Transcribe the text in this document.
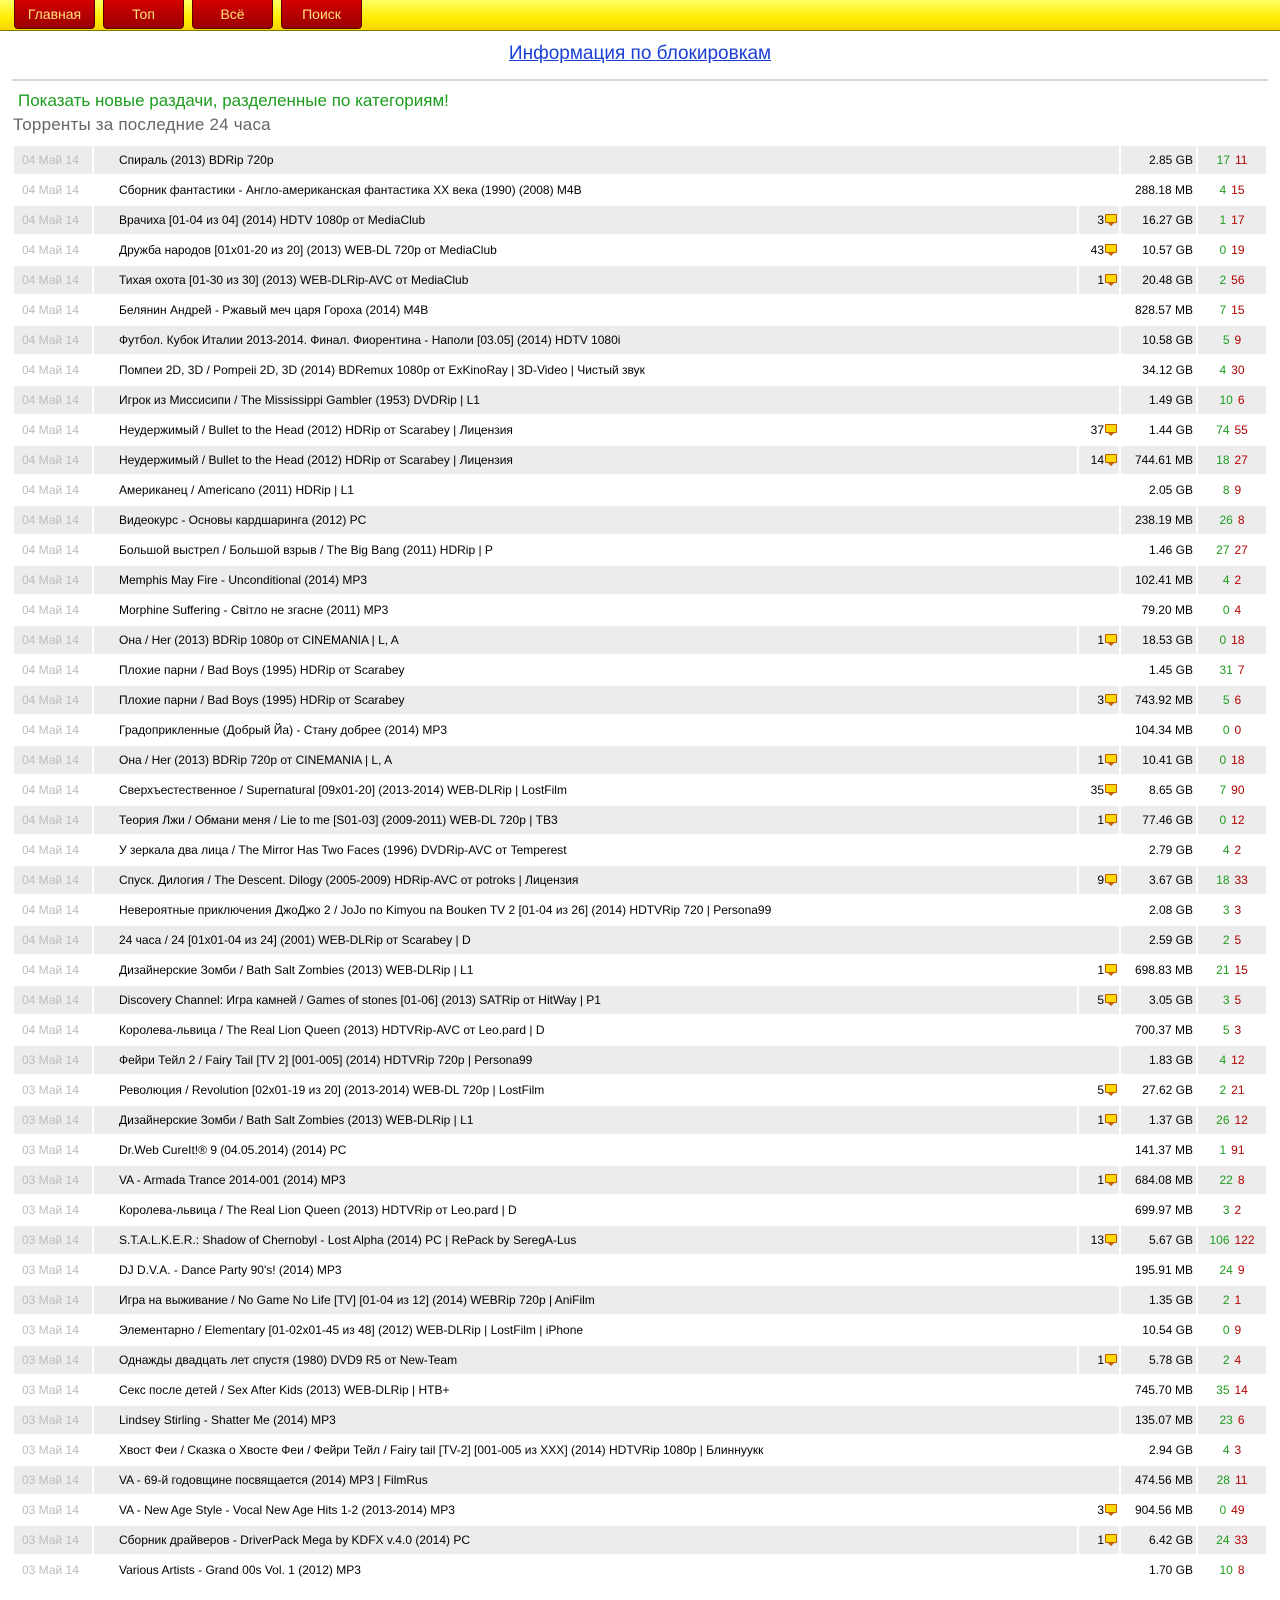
Главная	Топ	Всё	Поиск
Информация по блокировкам
Показать новые раздачи, разделенные по категориям!
Торренты за последние 24 часа
04 Май 14	Спираль (2013) BDRip 720p		2.85 GB	17 11
04 Май 14	Сборник фантастики - Англо-американская фантастика XX века (1990) (2008) M4B		288.18 MB	4 15
04 Май 14	Врачиха [01-04 из 04] (2014) HDTV 1080p от MediaClub	3	16.27 GB	1 17
04 Май 14	Дружба народов [01x01-20 из 20] (2013) WEB-DL 720p от MediaClub	43	10.57 GB	0 19
04 Май 14	Тихая охота [01-30 из 30] (2013) WEB-DLRip-AVC от MediaClub	1	20.48 GB	2 56
04 Май 14	Белянин Андрей - Ржавый меч царя Гороха (2014) M4B		828.57 MB	7 15
04 Май 14	Футбол. Кубок Италии 2013-2014. Финал. Фиорентина - Наполи [03.05] (2014) HDTV 1080i		10.58 GB	5 9
04 Май 14	Помпеи 2D, 3D / Pompeii 2D, 3D (2014) BDRemux 1080p от ExKinoRay | 3D-Video | Чистый звук		34.12 GB	4 30
04 Май 14	Игрок из Миссисипи / The Mississippi Gambler (1953) DVDRip | L1		1.49 GB	10 6
04 Май 14	Неудержимый / Bullet to the Head (2012) HDRip от Scarabey | Лицензия	37	1.44 GB	74 55
04 Май 14	Неудержимый / Bullet to the Head (2012) HDRip от Scarabey | Лицензия	14	744.61 MB	18 27
04 Май 14	Американец / Americano (2011) HDRip | L1		2.05 GB	8 9
04 Май 14	Видеокурс - Основы кардшаринга (2012) PC		238.19 MB	26 8
04 Май 14	Большой выстрел / Большой взрыв / The Big Bang (2011) HDRip | P		1.46 GB	27 27
04 Май 14	Memphis May Fire - Unconditional (2014) MP3		102.41 MB	4 2
04 Май 14	Morphine Suffering - Світло не згасне (2011) MP3		79.20 MB	0 4
04 Май 14	Она / Her (2013) BDRip 1080p от CINEMANIA | L, A	1	18.53 GB	0 18
04 Май 14	Плохие парни / Bad Boys (1995) HDRip от Scarabey		1.45 GB	31 7
04 Май 14	Плохие парни / Bad Boys (1995) HDRip от Scarabey	3	743.92 MB	5 6
04 Май 14	Градоприкленные (Добрый Йа) - Стану добрее (2014) MP3		104.34 MB	0 0
04 Май 14	Она / Her (2013) BDRip 720p от CINEMANIA | L, A	1	10.41 GB	0 18
04 Май 14	Сверхъестественное / Supernatural [09x01-20] (2013-2014) WEB-DLRip | LostFilm	35	8.65 GB	7 90
04 Май 14	Теория Лжи / Обмани меня / Lie to me [S01-03] (2009-2011) WEB-DL 720p | ТВ3	1	77.46 GB	0 12
04 Май 14	У зеркала два лица / The Mirror Has Two Faces (1996) DVDRip-AVC от Temperest		2.79 GB	4 2
04 Май 14	Спуск. Дилогия / The Descent. Dilogy (2005-2009) HDRip-AVC от potroks | Лицензия	9	3.67 GB	18 33
04 Май 14	Невероятные приключения ДжоДжо 2 / JoJo no Kimyou na Bouken TV 2 [01-04 из 26] (2014) HDTVRip 720 | Persona99		2.08 GB	3 3
04 Май 14	24 часа / 24 [01x01-04 из 24] (2001) WEB-DLRip от Scarabey | D		2.59 GB	2 5
04 Май 14	Дизайнерские Зомби / Bath Salt Zombies (2013) WEB-DLRip | L1	1	698.83 MB	21 15
04 Май 14	Discovery Channel: Игра камней / Games of stones [01-06] (2013) SATRip от HitWay | P1	5	3.05 GB	3 5
04 Май 14	Королева-львица / The Real Lion Queen (2013) HDTVRip-AVC от Leo.pard | D		700.37 MB	5 3
03 Май 14	Фейри Тейл 2 / Fairy Tail [TV 2] [001-005] (2014) HDTVRip 720p | Persona99		1.83 GB	4 12
03 Май 14	Революция / Revolution [02x01-19 из 20] (2013-2014) WEB-DL 720p | LostFilm	5	27.62 GB	2 21
03 Май 14	Дизайнерские Зомби / Bath Salt Zombies (2013) WEB-DLRip | L1	1	1.37 GB	26 12
03 Май 14	Dr.Web CureIt!® 9 (04.05.2014) (2014) PC		141.37 MB	1 91
03 Май 14	VA - Armada Trance 2014-001 (2014) MP3	1	684.08 MB	22 8
03 Май 14	Королева-львица / The Real Lion Queen (2013) HDTVRip от Leo.pard | D		699.97 MB	3 2
03 Май 14	S.T.A.L.K.E.R.: Shadow of Chernobyl - Lost Alpha (2014) PC | RePack by SeregA-Lus	13	5.67 GB	106 122
03 Май 14	DJ D.V.A. - Dance Party 90's! (2014) MP3		195.91 MB	24 9
03 Май 14	Игра на выживание / No Game No Life [TV] [01-04 из 12] (2014) WEBRip 720p | AniFilm		1.35 GB	2 1
03 Май 14	Элементарно / Elementary [01-02x01-45 из 48] (2012) WEB-DLRip | LostFilm | iPhone		10.54 GB	0 9
03 Май 14	Однажды двадцать лет спустя (1980) DVD9 R5 от New-Team	1	5.78 GB	2 4
03 Май 14	Секс после детей / Sex After Kids (2013) WEB-DLRip | НТВ+		745.70 MB	35 14
03 Май 14	Lindsey Stirling - Shatter Me (2014) MP3		135.07 MB	23 6
03 Май 14	Хвост Феи / Сказка о Хвосте Феи / Фейри Тейл / Fairy tail [TV-2] [001-005 из XXX] (2014) HDTVRip 1080p | Блиннуукк		2.94 GB	4 3
03 Май 14	VA - 69-й годовщине посвящается (2014) MP3 | FilmRus		474.56 MB	28 11
03 Май 14	VA - New Age Style - Vocal New Age Hits 1-2 (2013-2014) MP3	3	904.56 MB	0 49
03 Май 14	Сборник драйверов - DriverPack Mega by KDFX v.4.0 (2014) PC	1	6.42 GB	24 33
03 Май 14	Various Artists - Grand 00s Vol. 1 (2012) MP3		1.70 GB	10 8
